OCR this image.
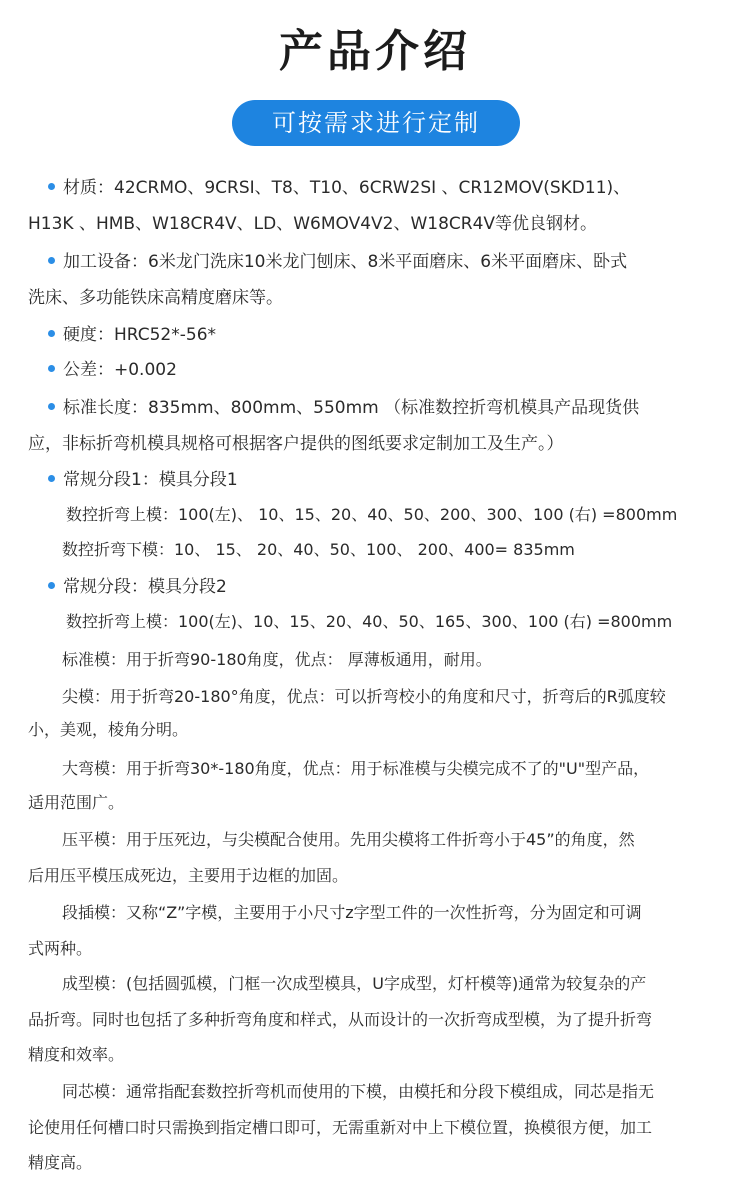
产品介绍
可按需求进行定制
材质：42CRMO、9CRSI、T8、T10、6CRW2SI 、CR12MOV(SKD11)、
H13K 、HMB、W18CR4V、LD、W6MOV4V2、W18CR4V等优良钢材。
加工设备：6米龙门洗床10米龙门刨床、8米平面磨床、6米平面磨床、卧式
洗床、多功能铁床高精度磨床等。
硬度：HRC52*-56*
公差：+0.002
标准长度：835mm、800mm、550mm （标准数控折弯机模具产品现货供
应，非标折弯机模具规格可根据客户提供的图纸要求定制加工及生产。）
常规分段1：模具分段1
数控折弯上模：100(左)、 10、15、20、40、50、200、300、100 (右) =800mm
数控折弯下模：10、 15、 20、40、50、100、 200、400= 835mm
常规分段：模具分段2
数控折弯上模：100(左)、10、15、20、40、50、165、300、100 (右) =800mm
标准模：用于折弯90-180角度，优点： 厚薄板通用，耐用。
尖模：用于折弯20-180°角度，优点：可以折弯校小的角度和尺寸，折弯后的R弧度较
小，美观，棱角分明。
大弯模：用于折弯30*-180角度，优点：用于标准模与尖模完成不了的"U"型产品，
适用范围广。
压平模：用于压死边，与尖模配合使用。先用尖模将工件折弯小于45”的角度，然
后用压平模压成死边，主要用于边框的加固。
段插模：又称“Z”字模，主要用于小尺寸z字型工件的一次性折弯，分为固定和可调
式两种。
成型模：(包括圆弧模，门框一次成型模具，U字成型，灯杆模等)通常为较复杂的产
品折弯。同时也包括了多种折弯角度和样式，从而设计的一次折弯成型模，为了提升折弯
精度和效率。
同芯模：通常指配套数控折弯机而使用的下模，由模托和分段下模组成，同芯是指无
论使用任何槽口时只需换到指定槽口即可，无需重新对中上下模位置，换模很方便，加工
精度高。
